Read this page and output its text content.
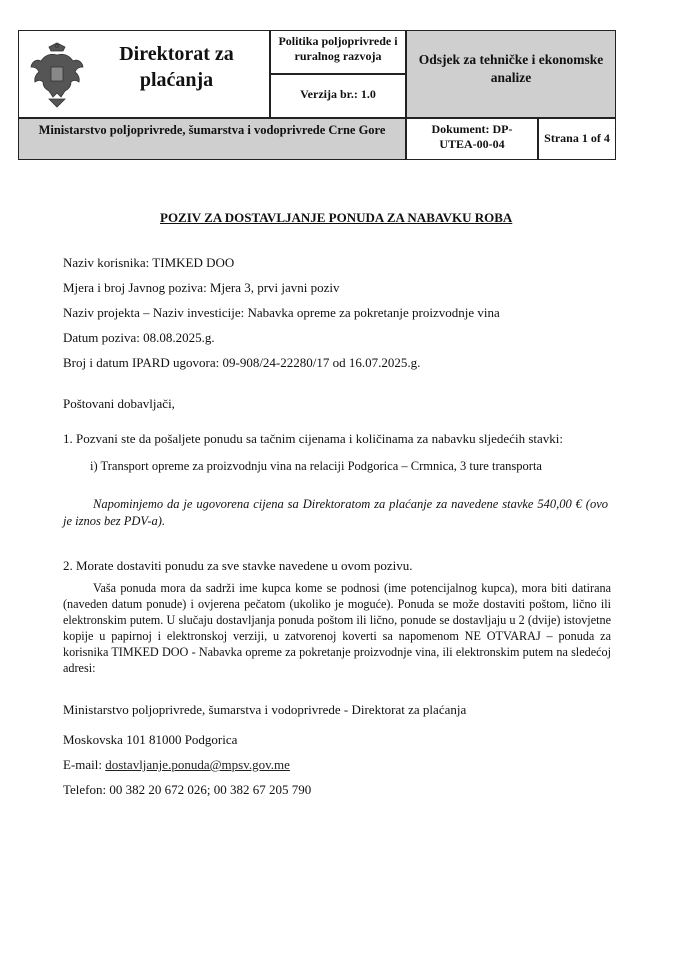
Direktorat za plaćanja
Politika poljoprivrede i ruralnog razvoja
Verzija br.: 1.0
Odsjek za tehničke i ekonomske analize
Ministarstvo poljoprivrede, šumarstva i vodoprivrede Crne Gore	Dokument: DP-UTEA-00-04	Strana 1 of 4
POZIV ZA DOSTAVLJANJE PONUDA ZA NABAVKU ROBA
Naziv korisnika: TIMKED DOO
Mjera i broj Javnog poziva: Mjera 3, prvi javni poziv
Naziv projekta – Naziv investicije: Nabavka opreme za pokretanje proizvodnje vina
Datum poziva: 08.08.2025.g.
Broj i datum IPARD ugovora: 09-908/24-22280/17 od 16.07.2025.g.
Poštovani dobavljači,
1. Pozvani ste da pošaljete ponudu sa tačnim cijenama i količinama za nabavku sljedećih stavki:
i) Transport opreme za proizvodnju vina na relaciji Podgorica – Crmnica, 3 ture transporta
Napominjemo da je ugovorena cijena sa Direktoratom za plaćanje za navedene stavke 540,00 € (ovo je iznos bez PDV-a).
2. Morate dostaviti ponudu za sve stavke navedene u ovom pozivu.
Vaša ponuda mora da sadrži ime kupca kome se podnosi (ime potencijalnog kupca), mora biti datirana (naveden datum ponude) i ovjerena pečatom (ukoliko je moguće). Ponuda se može dostaviti poštom, lično ili elektronskim putem. U slučaju dostavljanja ponuda poštom ili lično, ponude se dostavljaju u 2 (dvije) istovjetne kopije u papirnoj i elektronskoj verziji, u zatvorenoj koverti sa napomenom NE OTVARAJ – ponuda za korisnika TIMKED DOO - Nabavka opreme za pokretanje proizvodnje vina, ili elektronskim putem na sledećoj adresi:
Ministarstvo poljoprivrede, šumarstva i vodoprivrede - Direktorat za plaćanja
Moskovska 101 81000 Podgorica
E-mail: dostavljanje.ponuda@mpsv.gov.me
Telefon: 00 382 20 672 026; 00 382 67 205 790
